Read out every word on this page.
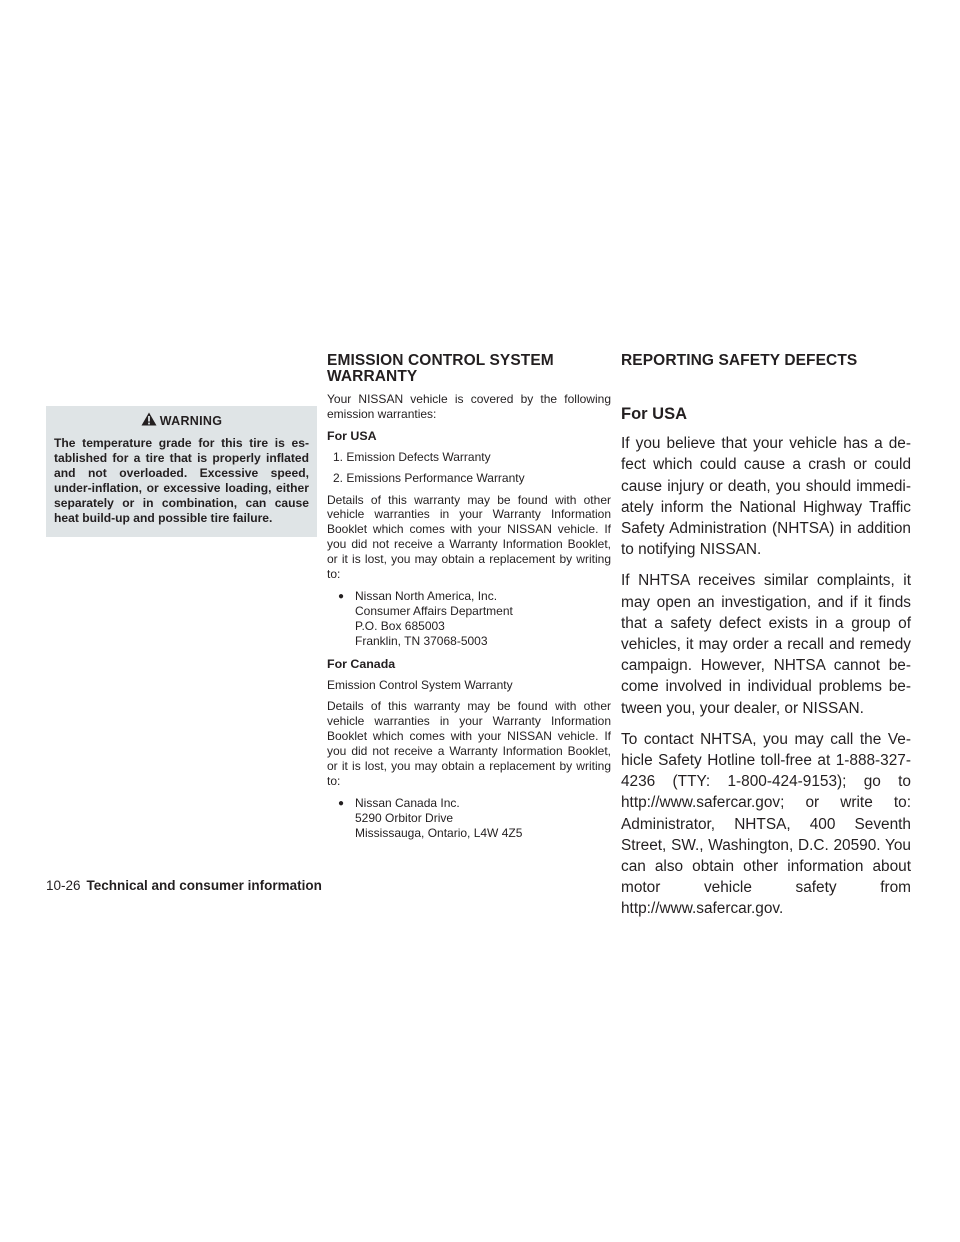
EMISSION CONTROL SYSTEM
WARRANTY
REPORTING SAFETY DEFECTS
WARNING
The temperature grade for this tire is established for a tire that is properly inflated and not overloaded. Excessive speed, under-inflation, or excessive loading, either separately or in combination, can cause heat build-up and possible tire failure.

Your NISSAN vehicle is covered by the following emission warranties:

For USA
1. Emission Defects Warranty
2. Emissions Performance Warranty

Details of this warranty may be found with other vehicle warranties in your Warranty Information Booklet which comes with your NISSAN vehicle. If you did not receive a Warranty Information Booklet, or it is lost, you may obtain a replacement by writing to:

● Nissan North America, Inc.
Consumer Affairs Department
P.O. Box 685003
Franklin, TN 37068-5003
For Canada

Emission Control System Warranty

Details of this warranty may be found with other vehicle warranties in your Warranty Information Booklet which comes with your NISSAN vehicle. If you did not receive a Warranty Information Booklet, or it is lost, you may obtain a replacement by writing to:

● Nissan Canada Inc.
5290 Orbitor Drive
Mississauga, Ontario, L4W 4Z5
For USA

If you believe that your vehicle has a defect which could cause a crash or could cause injury or death, you should immediately inform the National Highway Traffic Safety Administration (NHTSA) in addition to notifying NISSAN.

If NHTSA receives similar complaints, it may open an investigation, and if it finds that a safety defect exists in a group of vehicles, it may order a recall and remedy campaign. However, NHTSA cannot become involved in individual problems between you, your dealer, or NISSAN.

To contact NHTSA, you may call the Vehicle Safety Hotline toll-free at 1-888-327-4236 (TTY: 1-800-424-9153); go to http://www.safercar.gov; or write to: Administrator, NHTSA, 400 Seventh Street, SW., Washington, D.C. 20590. You can also obtain other information about motor vehicle safety from http://www.safercar.gov.

10-26 Technical and consumer information
